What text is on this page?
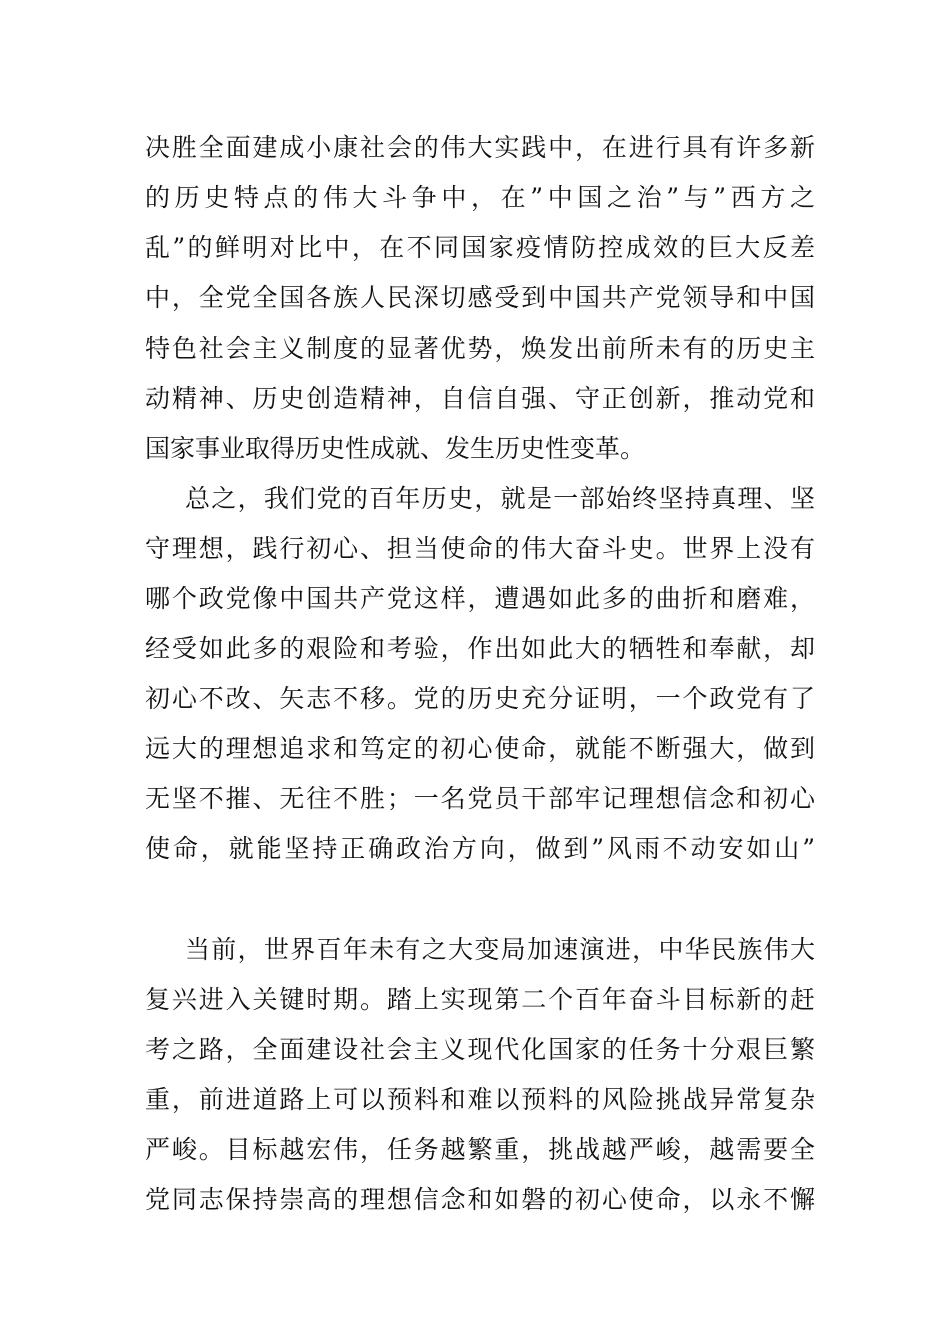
决胜全面建成小康社会的伟大实践中，在进行具有许多新
的历史特点的伟大斗争中，在”中国之治”与”西方之
乱”的鲜明对比中，在不同国家疫情防控成效的巨大反差
中，全党全国各族人民深切感受到中国共产党领导和中国
特色社会主义制度的显著优势，焕发出前所未有的历史主
动精神、历史创造精神，自信自强、守正创新，推动党和
国家事业取得历史性成就、发生历史性变革。
总之，我们党的百年历史，就是一部始终坚持真理、坚
守理想，践行初心、担当使命的伟大奋斗史。世界上没有
哪个政党像中国共产党这样，遭遇如此多的曲折和磨难，
经受如此多的艰险和考验，作出如此大的牺牲和奉献，却
初心不改、矢志不移。党的历史充分证明，一个政党有了
远大的理想追求和笃定的初心使命，就能不断强大，做到
无坚不摧、无往不胜；一名党员干部牢记理想信念和初心
使命，就能坚持正确政治方向，做到”风雨不动安如山”
当前，世界百年未有之大变局加速演进，中华民族伟大
复兴进入关键时期。踏上实现第二个百年奋斗目标新的赶
考之路，全面建设社会主义现代化国家的任务十分艰巨繁
重，前进道路上可以预料和难以预料的风险挑战异常复杂
严峻。目标越宏伟，任务越繁重，挑战越严峻，越需要全
党同志保持崇高的理想信念和如磐的初心使命，以永不懈
